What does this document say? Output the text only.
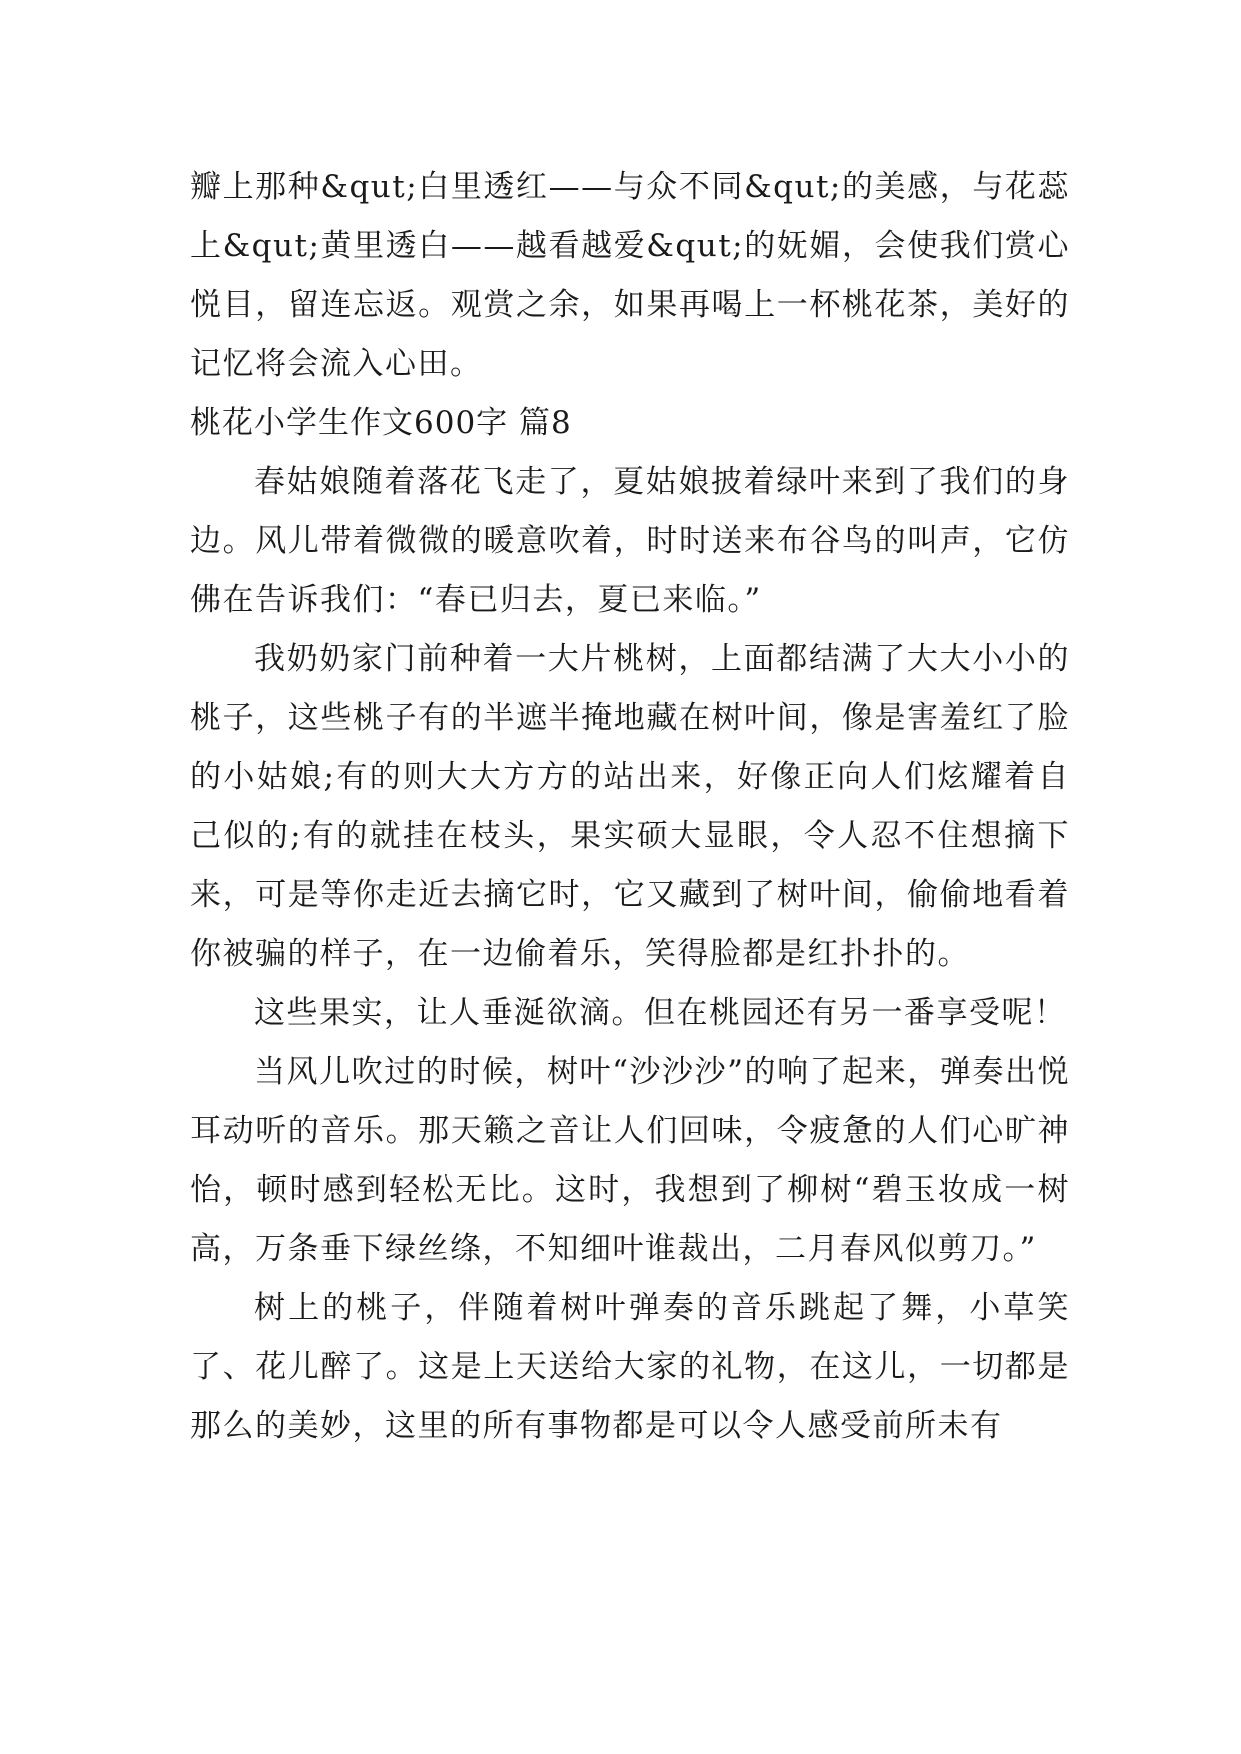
瓣上那种&qut;白里透红——与众不同&qut;的美感，与花蕊上&qut;黄里透白——越看越爱&qut;的妩媚，会使我们赏心悦目，留连忘返。观赏之余，如果再喝上一杯桃花茶，美好的记忆将会流入心田。

桃花小学生作文600字 篇8

春姑娘随着落花飞走了，夏姑娘披着绿叶来到了我们的身边。风儿带着微微的暖意吹着，时时送来布谷鸟的叫声，它仿佛在告诉我们：“春已归去，夏已来临。”

我奶奶家门前种着一大片桃树，上面都结满了大大小小的桃子，这些桃子有的半遮半掩地藏在树叶间，像是害羞红了脸的小姑娘;有的则大大方方的站出来，好像正向人们炫耀着自己似的;有的就挂在枝头，果实硕大显眼，令人忍不住想摘下来，可是等你走近去摘它时，它又藏到了树叶间，偷偷地看着你被骗的样子，在一边偷着乐，笑得脸都是红扑扑的。

这些果实，让人垂涎欲滴。但在桃园还有另一番享受呢！

当风儿吹过的时候，树叶“沙沙沙”的响了起来，弹奏出悦耳动听的音乐。那天籁之音让人们回味，令疲惫的人们心旷神怡，顿时感到轻松无比。这时，我想到了柳树“碧玉妆成一树高，万条垂下绿丝绦，不知细叶谁裁出，二月春风似剪刀。”

树上的桃子，伴随着树叶弹奏的音乐跳起了舞，小草笑了、花儿醉了。这是上天送给大家的礼物，在这儿，一切都是那么的美妙，这里的所有事物都是可以令人感受前所未有
